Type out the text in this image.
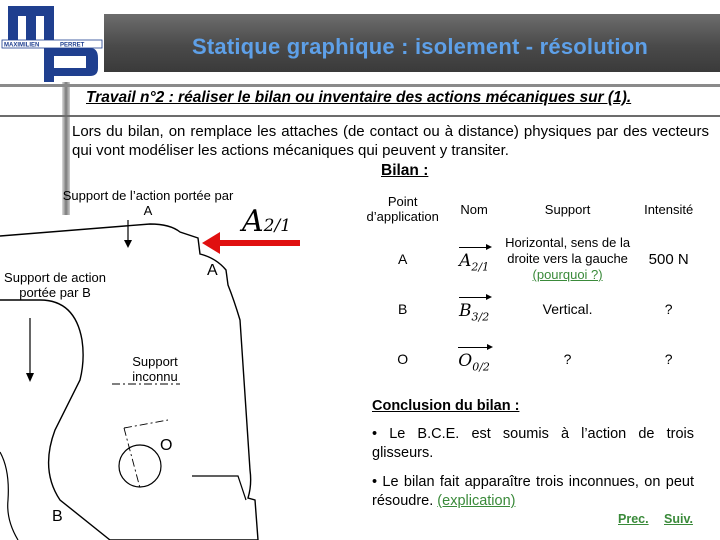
Statique graphique : isolement - résolution
MAXIMILIEN	PERRET
Travail n°2 : réaliser le bilan ou inventaire des actions mécaniques sur (1).
Lors du bilan, on remplace les attaches (de contact ou à distance) physiques par des vecteurs qui vont modéliser les actions mécaniques qui peuvent y transiter.
Bilan :
Support de l’action portée par A
Support de action portée par B
Support inconnu
A
O
B
A2/1
Point d’application	Nom	Support	Intensité
A	$A_{2/1}$	Horizontal, sens de la droite vers la gauche (pourquoi ?)	500 N
B	$B_{3/2}$	Vertical.	?
O	$O_{0/2}$	?	?
Conclusion du bilan :
• Le B.C.E. est soumis à l’action de trois glisseurs.
• Le bilan fait apparaître trois inconnues, on peut résoudre. (explication)
Prec. Suiv.
